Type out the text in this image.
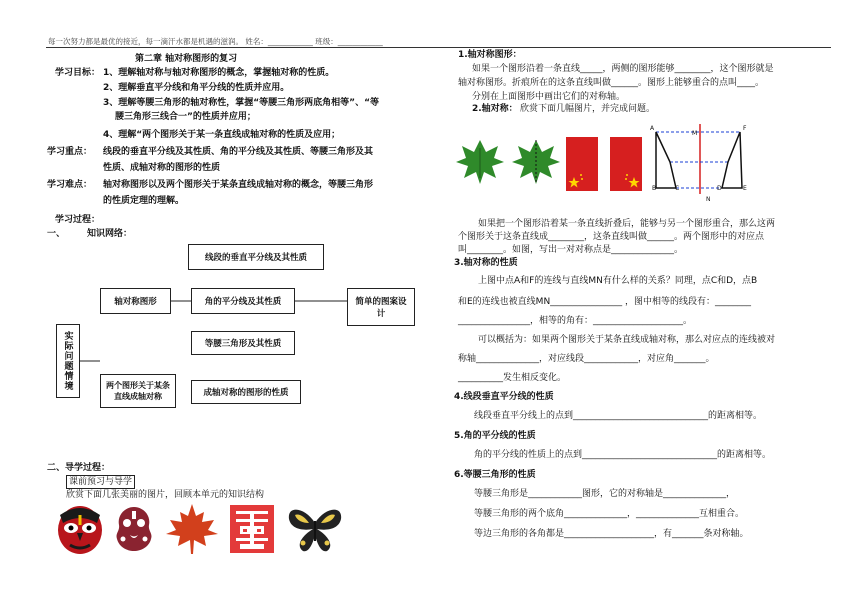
每一次努力都是最优的接近，每一滴汗水都是机遇的滋润。 姓名：____________ 班级：____________
第二章 轴对称图形的复习
学习目标： 1、理解轴对称与轴对称图形的概念，掌握轴对称的性质。
2、理解垂直平分线和角平分线的性质并应用。
3、理解等腰三角形的轴对称性，掌握“等腰三角形两底角相等”、“等
腰三角形三线合一”的性质并应用；
4、理解“两个图形关于某一条直线成轴对称的性质及应用；
学习重点： 线段的垂直平分线及其性质、角的平分线及其性质、等腰三角形及其
性质、成轴对称的图形的性质
学习难点： 轴对称图形以及两个图形关于某条直线成轴对称的概念，等腰三角形
的性质定理的理解。
学习过程：
一、 知识网络：
线段的垂直平分线及其性质
轴对称图形	角的平分线及其性质	简单的图案设计
实际问题情境	等腰三角形及其性质
两个图形关于某条直线成轴对称	成轴对称的图形的性质
二、导学过程：
课前预习与导学
欣赏下面几张美丽的图片，回顾本单元的知识结构
1.轴对称图形：
如果一个图形沿着一条直线_____，两侧的图形能够________，这个图形就是
轴对称图形。折痕所在的这条直线叫做______。图形上能够重合的点叫____。
分别在上面图形中画出它们的对称轴。
2.轴对称： 欣赏下面几幅图片，并完成问题。
A
B	C	D	E
F
M
N
如果把一个图形沿着某一条直线折叠后，能够与另一个图形重合，那么这两
个图形关于这条直线成________，这条直线叫做______。两个图形中的对应点
叫________。如图，写出一对对称点是______________。
3.轴对称的性质
上图中点A和F的连线与直线MN有什么样的关系？同理，点C和D，点B
和E的连线也被直线MN________________ ，图中相等的线段有：________
________________，相等的角有：____________________。
可以概括为：如果两个图形关于某条直线成轴对称，那么对应点的连线被对
称轴______________，对应线段____________，对应角_______。
__________发生相反变化。
4.线段垂直平分线的性质
线段垂直平分线上的点到______________________________的距离相等。
5.角的平分线的性质
角的平分线的性质上的点到______________________________的距离相等。
6.等腰三角形的性质
等腰三角形是____________图形，它的对称轴是______________，
等腰三角形的两个底角______________，______________互相重合。
等边三角形的各角都是____________________，有_______条对称轴。
